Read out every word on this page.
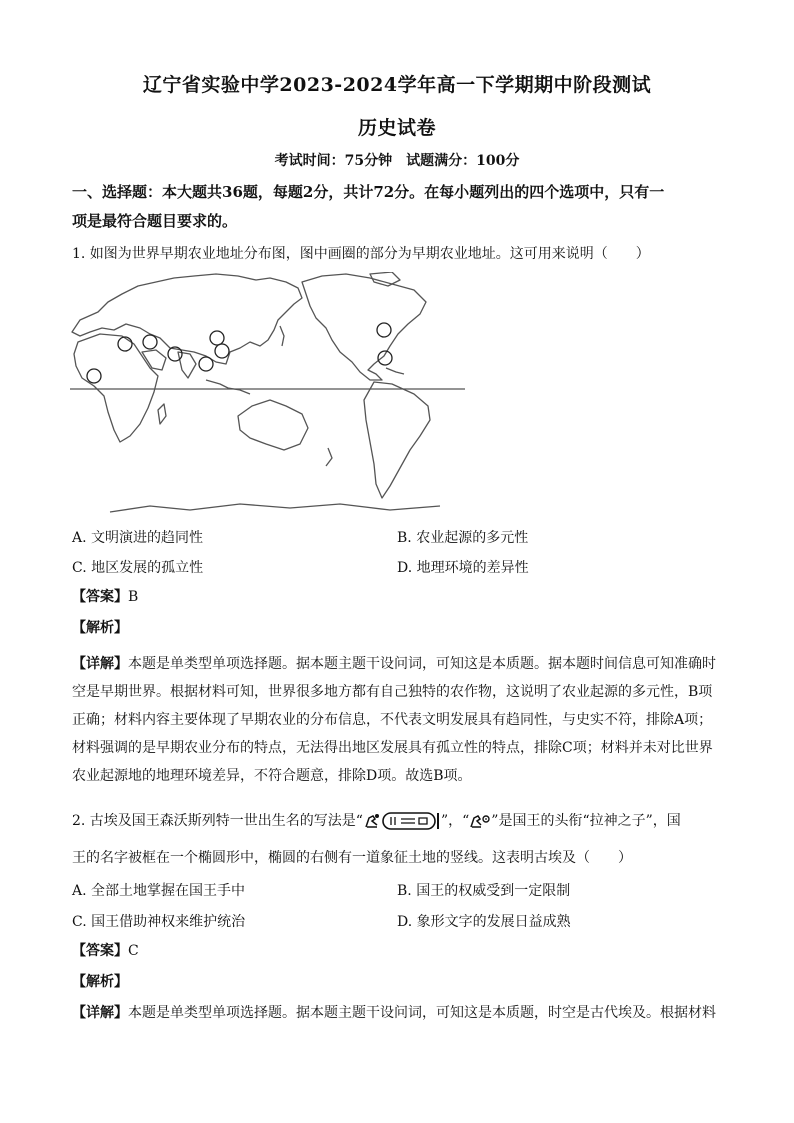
辽宁省实验中学2023-2024学年高一下学期期中阶段测试
历史试卷
考试时间：75分钟　试题满分：100分
一、选择题：本大题共36题，每题2分，共计72分。在每小题列出的四个选项中，只有一
项是最符合题目要求的。
1. 如图为世界早期农业地址分布图，图中画圈的部分为早期农业地址。这可用来说明（　　）
A. 文明演进的趋同性	B. 农业起源的多元性
C. 地区发展的孤立性	D. 地理环境的差异性
【答案】B
【解析】
【详解】本题是单类型单项选择题。据本题主题干设问词，可知这是本质题。据本题时间信息可知准确时
空是早期世界。根据材料可知，世界很多地方都有自己独特的农作物，这说明了农业起源的多元性，B项
正确；材料内容主要体现了早期农业的分布信息，不代表文明发展具有趋同性，与史实不符，排除A项；
材料强调的是早期农业分布的特点，无法得出地区发展具有孤立性的特点，排除C项；材料并未对比世界
农业起源地的地理环境差异，不符合题意，排除D项。故选B项。
2. 古埃及国王森沃斯列特一世出生名的写法是“	”，“ ”是国王的头衔“拉神之子”，国
王的名字被框在一个椭圆形中，椭圆的右侧有一道象征土地的竖线。这表明古埃及（　　）
A. 全部土地掌握在国王手中	B. 国王的权威受到一定限制
C. 国王借助神权来维护统治	D. 象形文字的发展日益成熟
【答案】C
【解析】
【详解】本题是单类型单项选择题。据本题主题干设问词，可知这是本质题，时空是古代埃及。根据材料
